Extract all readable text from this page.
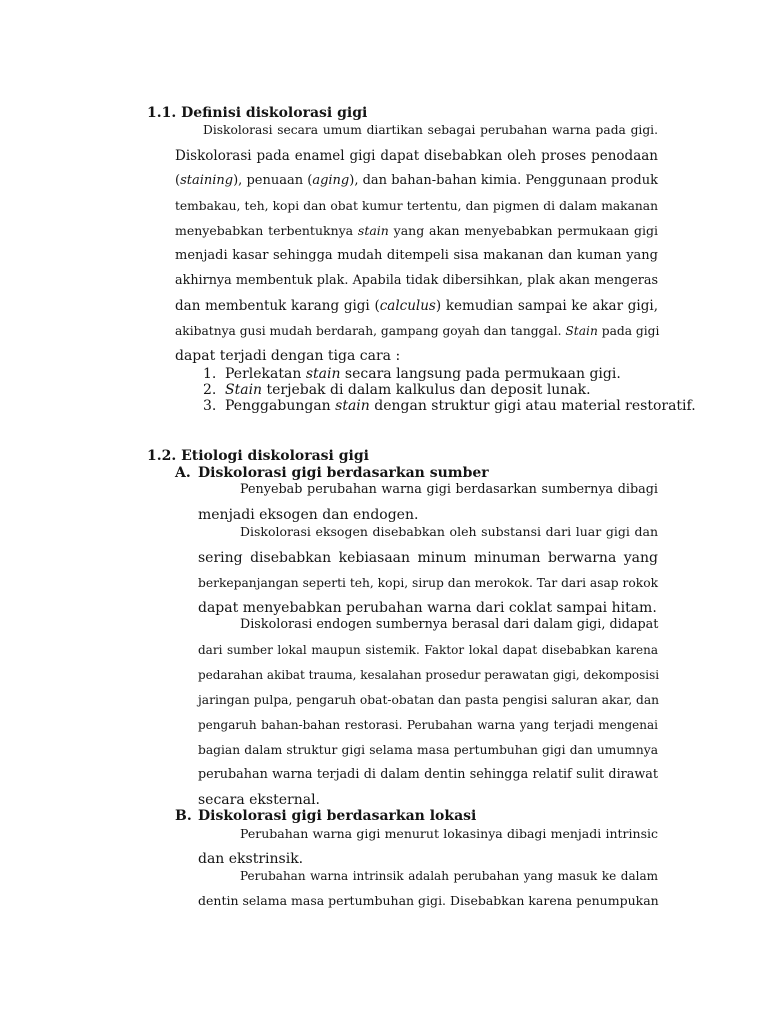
1.1. Definisi diskolorasi gigi

Diskolorasi secara umum diartikan sebagai perubahan warna pada gigi.

Diskolorasi pada enamel gigi dapat disebabkan oleh proses penodaan

(staining), penuaan (aging), dan bahan-bahan kimia. Penggunaan produk

tembakau, teh, kopi dan obat kumur tertentu, dan pigmen di dalam makanan

menyebabkan terbentuknya stain yang akan menyebabkan permukaan gigi

menjadi kasar sehingga mudah ditempeli sisa makanan dan kuman yang

akhirnya membentuk plak. Apabila tidak dibersihkan, plak akan mengeras

dan membentuk karang gigi (calculus) kemudian sampai ke akar gigi,

akibatnya gusi mudah berdarah, gampang goyah dan tanggal. Stain pada gigi

dapat terjadi dengan tiga cara :

1. Perlekatan stain secara langsung pada permukaan gigi.
2. Stain terjebak di dalam kalkulus dan deposit lunak.
3. Penggabungan stain dengan struktur gigi atau material restoratif.
1.2. Etiologi diskolorasi gigi
A. Diskolorasi gigi berdasarkan sumber

Penyebab perubahan warna gigi berdasarkan sumbernya dibagi

menjadi eksogen dan endogen.

Diskolorasi eksogen disebabkan oleh substansi dari luar gigi dan

sering disebabkan kebiasaan minum minuman berwarna yang

berkepanjangan seperti teh, kopi, sirup dan merokok. Tar dari asap rokok

dapat menyebabkan perubahan warna dari coklat sampai hitam.

Diskolorasi endogen sumbernya berasal dari dalam gigi, didapat

dari sumber lokal maupun sistemik. Faktor lokal dapat disebabkan karena

pedarahan akibat trauma, kesalahan prosedur perawatan gigi, dekomposisi

jaringan pulpa, pengaruh obat-obatan dan pasta pengisi saluran akar, dan

pengaruh bahan-bahan restorasi. Perubahan warna yang terjadi mengenai

bagian dalam struktur gigi selama masa pertumbuhan gigi dan umumnya

perubahan warna terjadi di dalam dentin sehingga relatif sulit dirawat

secara eksternal.

B. Diskolorasi gigi berdasarkan lokasi

Perubahan warna gigi menurut lokasinya dibagi menjadi intrinsic

dan ekstrinsik.

Perubahan warna intrinsik adalah perubahan yang masuk ke dalam

dentin selama masa pertumbuhan gigi. Disebabkan karena penumpukan
